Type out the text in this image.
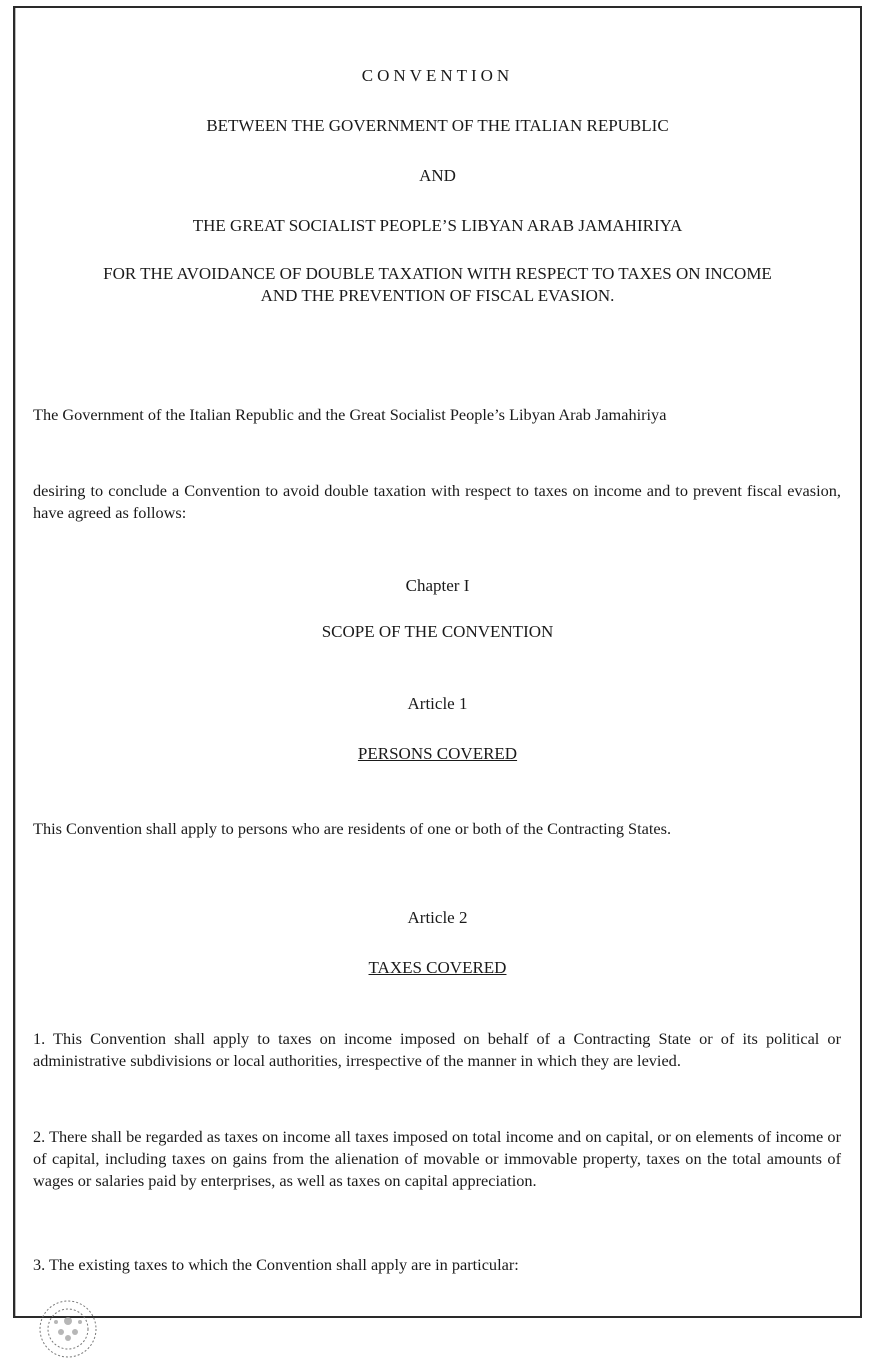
CONVENTION
BETWEEN THE GOVERNMENT OF THE ITALIAN REPUBLIC
AND
THE GREAT SOCIALIST PEOPLE’S LIBYAN ARAB JAMAHIRIYA
FOR THE AVOIDANCE OF DOUBLE TAXATION WITH RESPECT TO TAXES ON INCOME
AND THE PREVENTION OF FISCAL EVASION.
The Government of the Italian Republic and the Great Socialist People’s Libyan Arab Jamahiriya
desiring to conclude a Convention to avoid double taxation with respect to taxes on income and to prevent fiscal evasion, have agreed as follows:
Chapter I
SCOPE OF THE CONVENTION
Article 1
PERSONS COVERED
This Convention shall apply to persons who are residents of one or both of the Contracting States.
Article 2
TAXES COVERED
1. This Convention shall apply to taxes on income imposed on behalf of a Contracting State or of its political or administrative subdivisions or local authorities, irrespective of the manner in which they are levied.
2. There shall be regarded as taxes on income all taxes imposed on total income and on capital, or on elements of income or of capital, including taxes on gains from the alienation of movable or immovable property, taxes on the total amounts of wages or salaries paid by enterprises, as well as taxes on capital appreciation.
3. The existing taxes to which the Convention shall apply are in particular:
